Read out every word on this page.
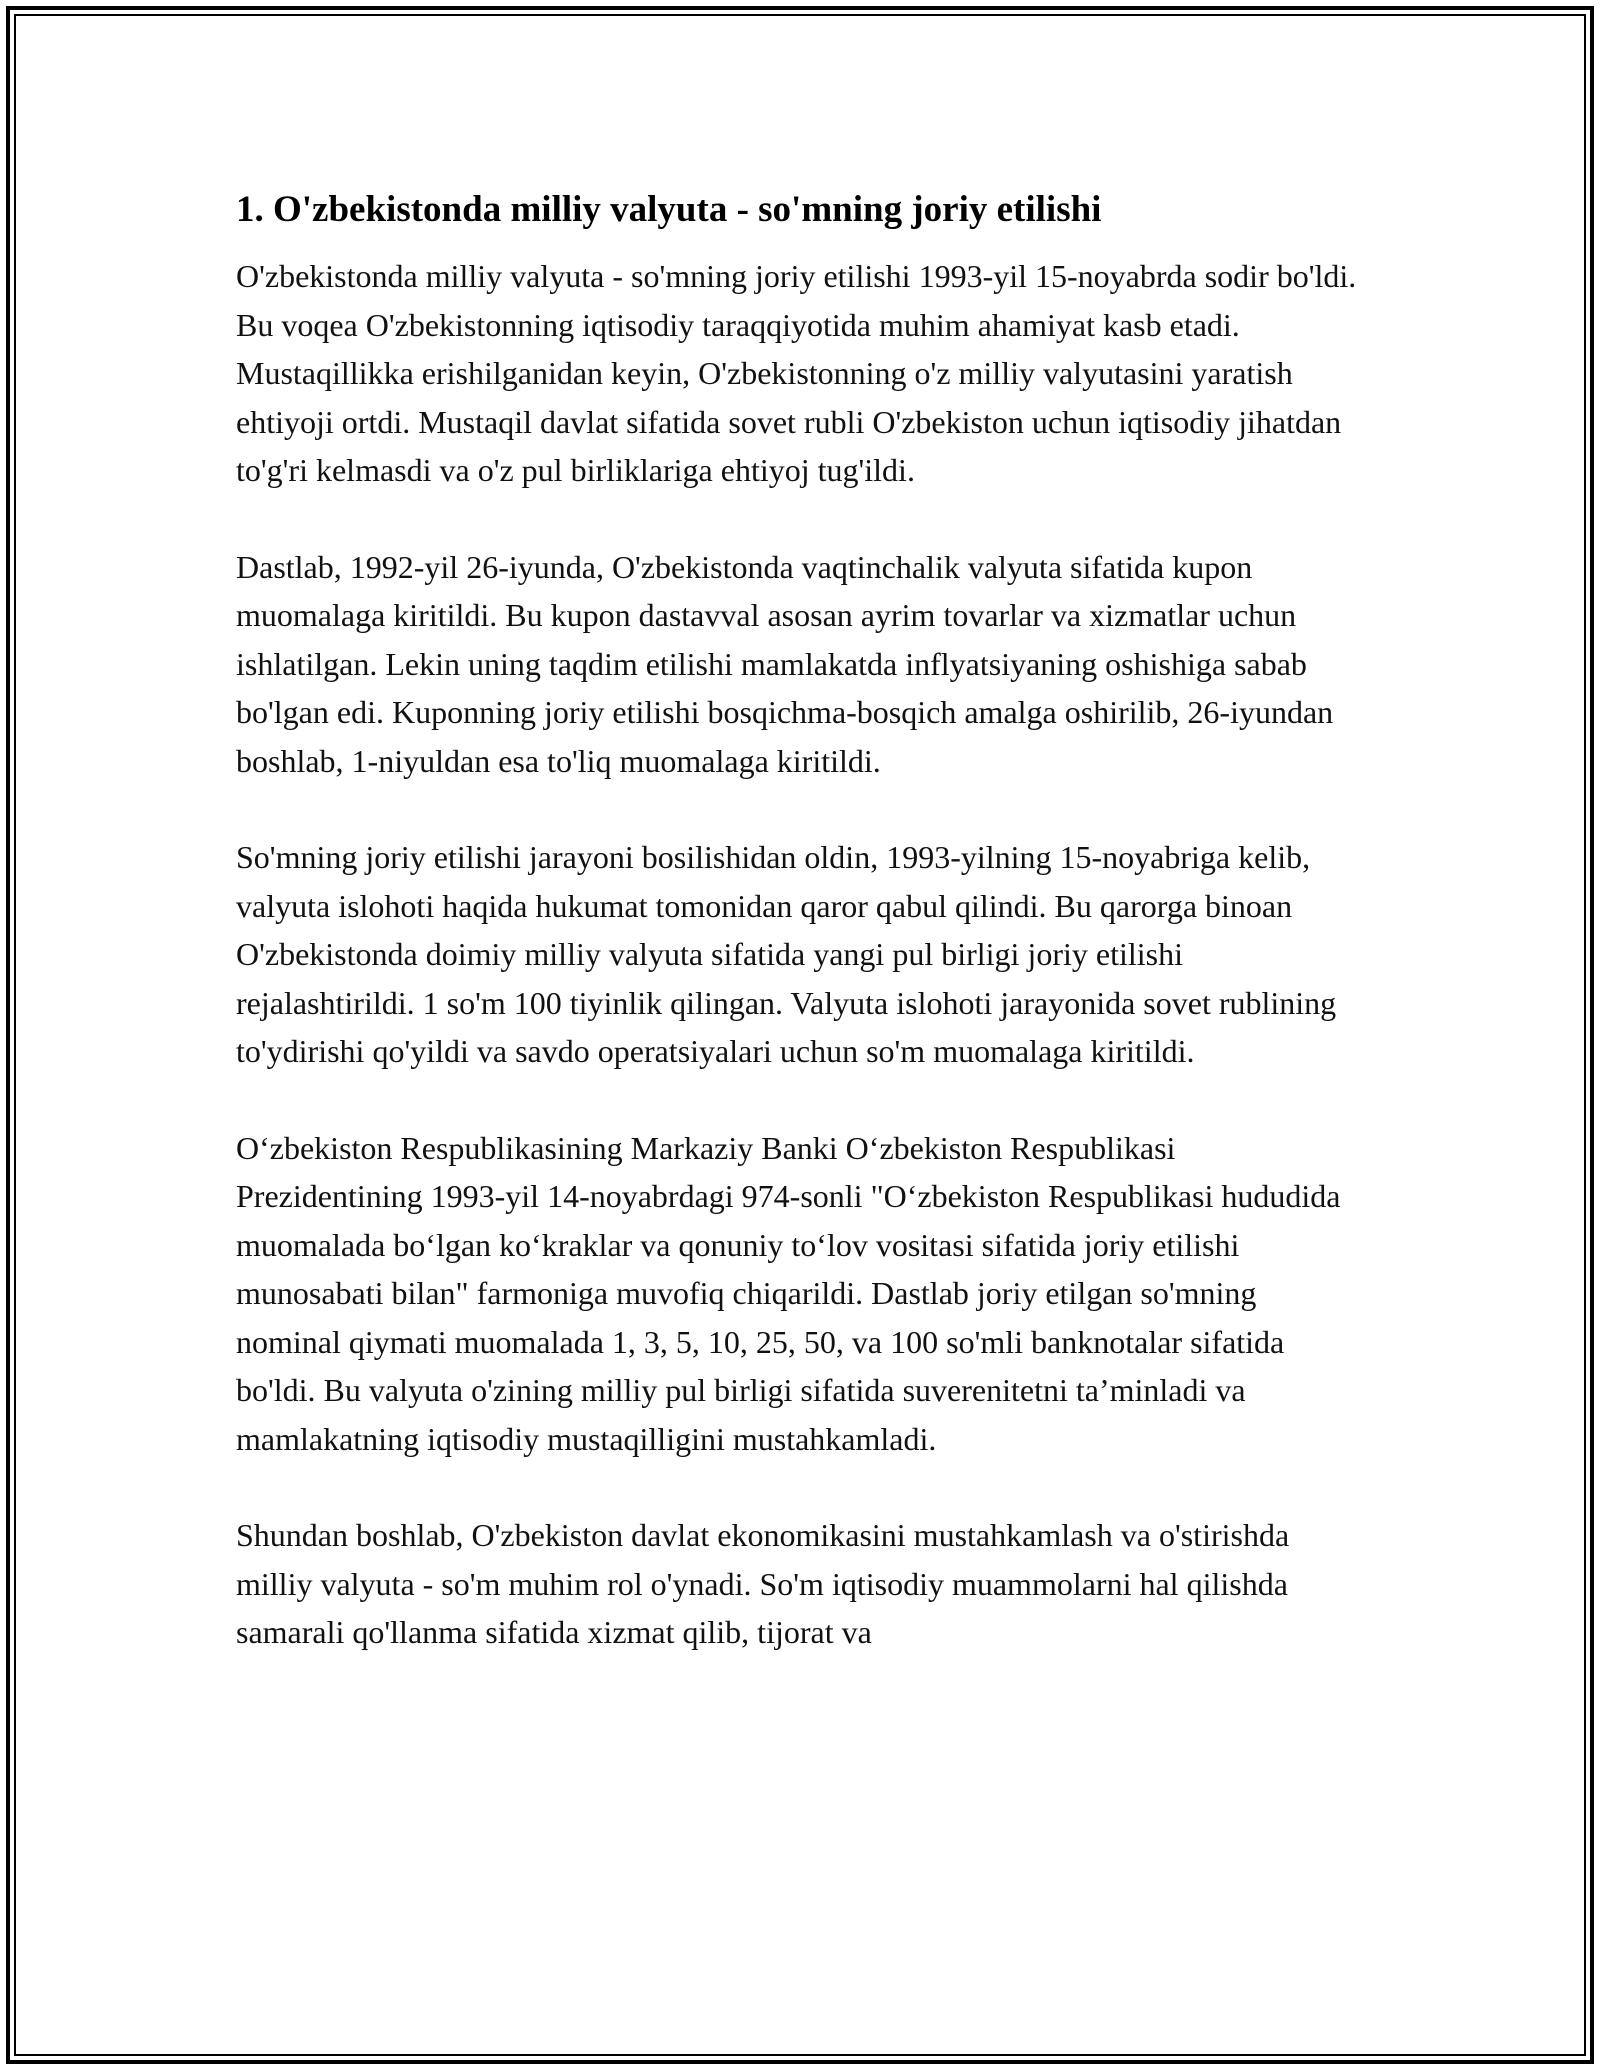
1. O'zbekistonda milliy valyuta - so'mning joriy etilishi

O'zbekistonda milliy valyuta - so'mning joriy etilishi 1993-yil 15-noyabrda sodir bo'ldi. Bu voqea O'zbekistonning iqtisodiy taraqqiyotida muhim ahamiyat kasb etadi. Mustaqillikka erishilganidan keyin, O'zbekistonning o'z milliy valyutasini yaratish ehtiyoji ortdi. Mustaqil davlat sifatida sovet rubli O'zbekiston uchun iqtisodiy jihatdan to'g'ri kelmasdi va o'z pul birliklariga ehtiyoj tug'ildi.

Dastlab, 1992-yil 26-iyunda, O'zbekistonda vaqtinchalik valyuta sifatida kupon muomalaga kiritildi. Bu kupon dastavval asosan ayrim tovarlar va xizmatlar uchun ishlatilgan. Lekin uning taqdim etilishi mamlakatda inflyatsiyaning oshishiga sabab bo'lgan edi. Kuponning joriy etilishi bosqichma-bosqich amalga oshirilib, 26-iyundan boshlab, 1-niyuldan esa to'liq muomalaga kiritildi.

So'mning joriy etilishi jarayoni bosilishidan oldin, 1993-yilning 15-noyabriga kelib, valyuta islohoti haqida hukumat tomonidan qaror qabul qilindi. Bu qarorga binoan O'zbekistonda doimiy milliy valyuta sifatida yangi pul birligi joriy etilishi rejalashtirildi. 1 so'm 100 tiyinlik qilingan. Valyuta islohoti jarayonida sovet rublining to'ydirishi qo'yildi va savdo operatsiyalari uchun so'm muomalaga kiritildi.

O‘zbekiston Respublikasining Markaziy Banki O‘zbekiston Respublikasi Prezidentining 1993-yil 14-noyabrdagi 974-sonli "O‘zbekiston Respublikasi hududida muomalada bo‘lgan ko‘kraklar va qonuniy to‘lov vositasi sifatida joriy etilishi munosabati bilan" farmoniga muvofiq chiqarildi. Dastlab joriy etilgan so'mning nominal qiymati muomalada 1, 3, 5, 10, 25, 50, va 100 so'mli banknotalar sifatida bo'ldi. Bu valyuta o'zining milliy pul birligi sifatida suverenitetni ta’minladi va mamlakatning iqtisodiy mustaqilligini mustahkamladi.

Shundan boshlab, O'zbekiston davlat ekonomikasini mustahkamlash va o'stirishda milliy valyuta - so'm muhim rol o'ynadi. So'm iqtisodiy muammolarni hal qilishda samarali qo'llanma sifatida xizmat qilib, tijorat va
